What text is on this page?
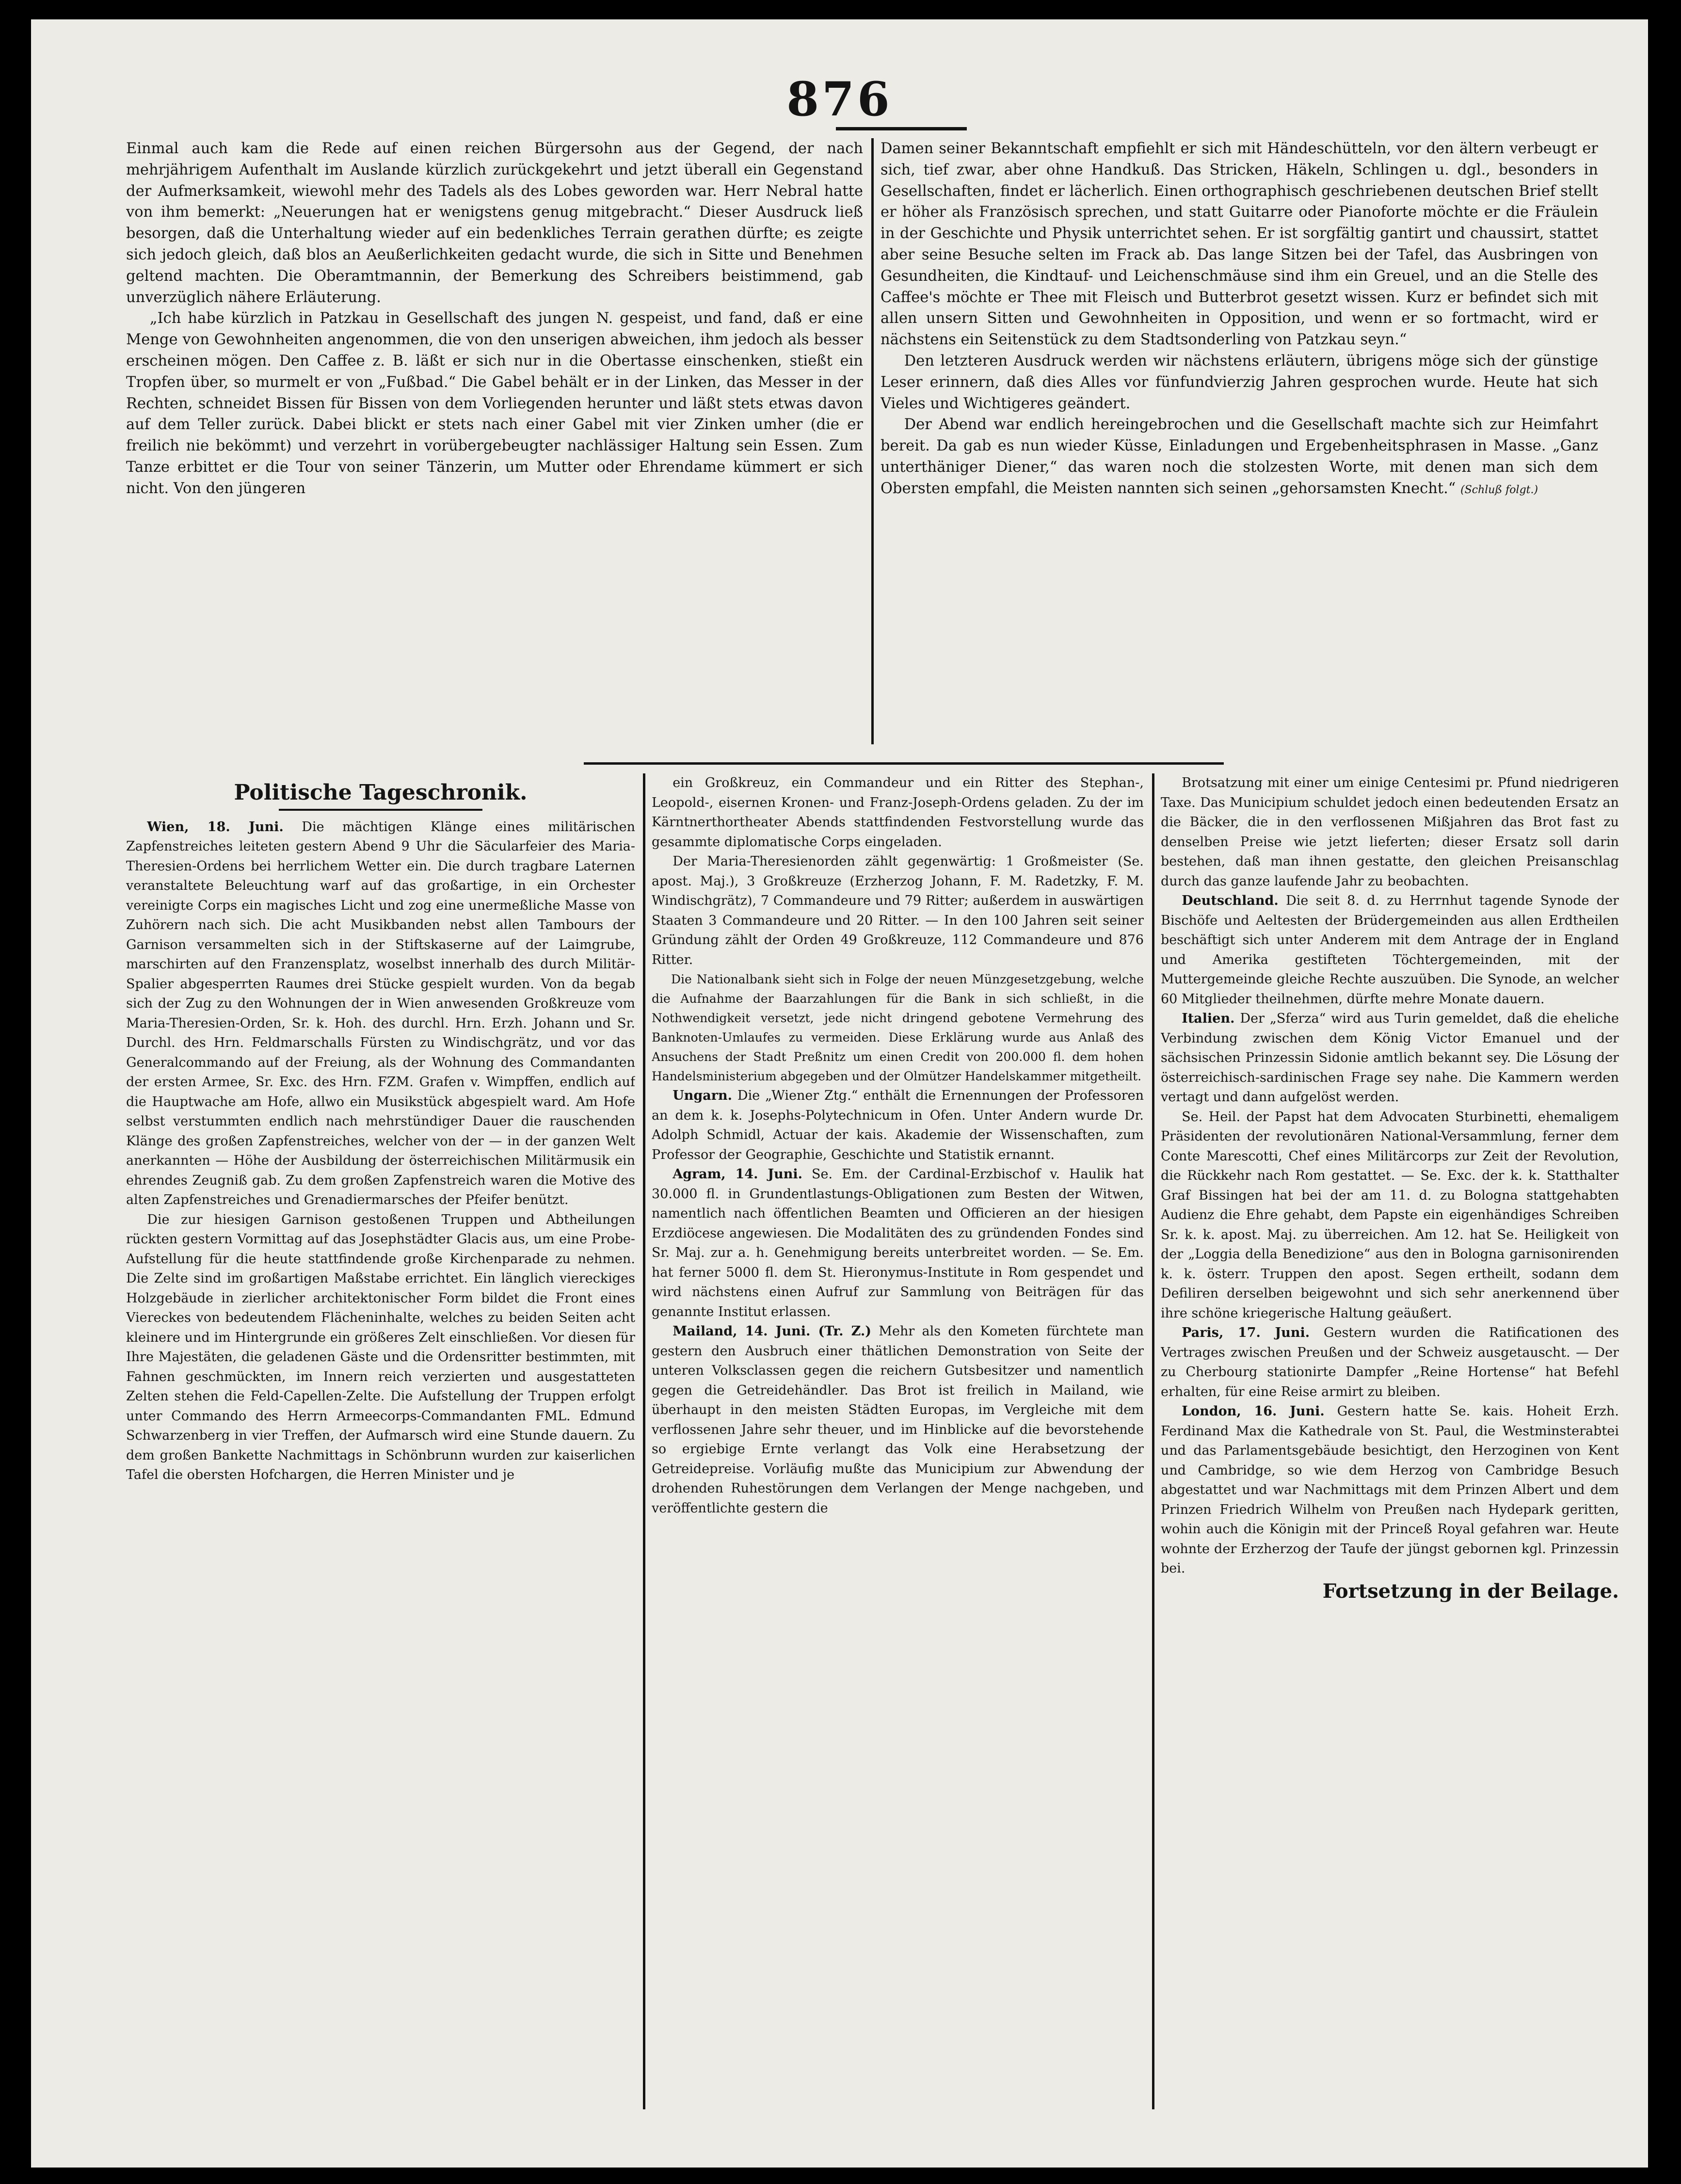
876

Einmal auch kam die Rede auf einen reichen Bürgersohn aus der Gegend, der nach mehrjährigem Aufenthalt im Auslande kürzlich zurückgekehrt und jetzt überall ein Gegenstand der Aufmerksamkeit, wiewohl mehr des Tadels als des Lobes geworden war. Herr Nebral hatte von ihm bemerkt: „Neuerungen hat er wenigstens genug mitgebracht.“ Dieser Ausdruck ließ besorgen, daß die Unterhaltung wieder auf ein bedenkliches Terrain gerathen dürfte; es zeigte sich jedoch gleich, daß blos an Aeußerlichkeiten gedacht wurde, die sich in Sitte und Benehmen geltend machten. Die Oberamtmannin, der Bemerkung des Schreibers beistimmend, gab unverzüglich nähere Erläuterung.

„Ich habe kürzlich in Patzkau in Gesellschaft des jungen N. gespeist, und fand, daß er eine Menge von Gewohnheiten angenommen, die von den unserigen abweichen, ihm jedoch als besser erscheinen mögen. Den Caffee z. B. läßt er sich nur in die Obertasse einschenken, stießt ein Tropfen über, so murmelt er von „Fußbad.“ Die Gabel behält er in der Linken, das Messer in der Rechten, schneidet Bissen für Bissen von dem Vorliegenden herunter und läßt stets etwas davon auf dem Teller zurück. Dabei blickt er stets nach einer Gabel mit vier Zinken umher (die er freilich nie bekömmt) und verzehrt in vorübergebeugter nachlässiger Haltung sein Essen. Zum Tanze erbittet er die Tour von seiner Tänzerin, um Mutter oder Ehrendame kümmert er sich nicht. Von den jüngeren

Damen seiner Bekanntschaft empfiehlt er sich mit Händeschütteln, vor den ältern verbeugt er sich, tief zwar, aber ohne Handkuß. Das Stricken, Häkeln, Schlingen u. dgl., besonders in Gesellschaften, findet er lächerlich. Einen orthographisch geschriebenen deutschen Brief stellt er höher als Französisch sprechen, und statt Guitarre oder Pianoforte möchte er die Fräulein in der Geschichte und Physik unterrichtet sehen. Er ist sorgfältig gantirt und chaussirt, stattet aber seine Besuche selten im Frack ab. Das lange Sitzen bei der Tafel, das Ausbringen von Gesundheiten, die Kindtauf- und Leichenschmäuse sind ihm ein Greuel, und an die Stelle des Caffee's möchte er Thee mit Fleisch und Butterbrot gesetzt wissen. Kurz er befindet sich mit allen unsern Sitten und Gewohnheiten in Opposition, und wenn er so fortmacht, wird er nächstens ein Seitenstück zu dem Stadtsonderling von Patzkau seyn.“

Den letzteren Ausdruck werden wir nächstens erläutern, übrigens möge sich der günstige Leser erinnern, daß dies Alles vor fünfundvierzig Jahren gesprochen wurde. Heute hat sich Vieles und Wichtigeres geändert.

Der Abend war endlich hereingebrochen und die Gesellschaft machte sich zur Heimfahrt bereit. Da gab es nun wieder Küsse, Einladungen und Ergebenheitsphrasen in Masse. „Ganz unterthäniger Diener,“ das waren noch die stolzesten Worte, mit denen man sich dem Obersten empfahl, die Meisten nannten sich seinen „gehorsamsten Knecht.“ (Schluß folgt.)

Politische Tageschronik.

Wien, 18. Juni. Die mächtigen Klänge eines militärischen Zapfenstreiches leiteten gestern Abend 9 Uhr die Säcularfeier des Maria-Theresien-Ordens bei herrlichem Wetter ein. Die durch tragbare Laternen veranstaltete Beleuchtung warf auf das großartige, in ein Orchester vereinigte Corps ein magisches Licht und zog eine unermeßliche Masse von Zuhörern nach sich. Die acht Musikbanden nebst allen Tambours der Garnison versammelten sich in der Stiftskaserne auf der Laimgrube, marschirten auf den Franzensplatz, woselbst innerhalb des durch Militär-Spalier abgesperrten Raumes drei Stücke gespielt wurden. Von da begab sich der Zug zu den Wohnungen der in Wien anwesenden Großkreuze vom Maria-Theresien-Orden, Sr. k. Hoh. des durchl. Hrn. Erzh. Johann und Sr. Durchl. des Hrn. Feldmarschalls Fürsten zu Windischgrätz, und vor das Generalcommando auf der Freiung, als der Wohnung des Commandanten der ersten Armee, Sr. Exc. des Hrn. FZM. Grafen v. Wimpffen, endlich auf die Hauptwache am Hofe, allwo ein Musikstück abgespielt ward. Am Hofe selbst verstummten endlich nach mehrstündiger Dauer die rauschenden Klänge des großen Zapfenstreiches, welcher von der — in der ganzen Welt anerkannten — Höhe der Ausbildung der österreichischen Militärmusik ein ehrendes Zeugniß gab. Zu dem großen Zapfenstreich waren die Motive des alten Zapfenstreiches und Grenadiermarsches der Pfeifer benützt.

Die zur hiesigen Garnison gestoßenen Truppen und Abtheilungen rückten gestern Vormittag auf das Josephstädter Glacis aus, um eine Probe-Aufstellung für die heute stattfindende große Kirchenparade zu nehmen. Die Zelte sind im großartigen Maßstabe errichtet. Ein länglich viereckiges Holzgebäude in zierlicher architektonischer Form bildet die Front eines Viereckes von bedeutendem Flächeninhalte, welches zu beiden Seiten acht kleinere und im Hintergrunde ein größeres Zelt einschließen. Vor diesen für Ihre Majestäten, die geladenen Gäste und die Ordensritter bestimmten, mit Fahnen geschmückten, im Innern reich verzierten und ausgestatteten Zelten stehen die Feld-Capellen-Zelte. Die Aufstellung der Truppen erfolgt unter Commando des Herrn Armeecorps-Commandanten FML. Edmund Schwarzenberg in vier Treffen, der Aufmarsch wird eine Stunde dauern. Zu dem großen Bankette Nachmittags in Schönbrunn wurden zur kaiserlichen Tafel die obersten Hofchargen, die Herren Minister und je

ein Großkreuz, ein Commandeur und ein Ritter des Stephan-, Leopold-, eisernen Kronen- und Franz-Joseph-Ordens geladen. Zu der im Kärntnerthortheater Abends stattfindenden Festvorstellung wurde das gesammte diplomatische Corps eingeladen.

Der Maria-Theresienorden zählt gegenwärtig: 1 Großmeister (Se. apost. Maj.), 3 Großkreuze (Erzherzog Johann, F. M. Radetzky, F. M. Windischgrätz), 7 Commandeure und 79 Ritter; außerdem in auswärtigen Staaten 3 Commandeure und 20 Ritter. — In den 100 Jahren seit seiner Gründung zählt der Orden 49 Großkreuze, 112 Commandeure und 876 Ritter.

Die Nationalbank sieht sich in Folge der neuen Münzgesetzgebung, welche die Aufnahme der Baarzahlungen für die Bank in sich schließt, in die Nothwendigkeit versetzt, jede nicht dringend gebotene Vermehrung des Banknoten-Umlaufes zu vermeiden. Diese Erklärung wurde aus Anlaß des Ansuchens der Stadt Preßnitz um einen Credit von 200.000 fl. dem hohen Handelsministerium abgegeben und der Olmützer Handelskammer mitgetheilt.

Ungarn. Die „Wiener Ztg.“ enthält die Ernennungen der Professoren an dem k. k. Josephs-Polytechnicum in Ofen. Unter Andern wurde Dr. Adolph Schmidl, Actuar der kais. Akademie der Wissenschaften, zum Professor der Geographie, Geschichte und Statistik ernannt.

Agram, 14. Juni. Se. Em. der Cardinal-Erzbischof v. Haulik hat 30.000 fl. in Grundentlastungs-Obligationen zum Besten der Witwen, namentlich nach öffentlichen Beamten und Officieren an der hiesigen Erzdiöcese angewiesen. Die Modalitäten des zu gründenden Fondes sind Sr. Maj. zur a. h. Genehmigung bereits unterbreitet worden. — Se. Em. hat ferner 5000 fl. dem St. Hieronymus-Institute in Rom gespendet und wird nächstens einen Aufruf zur Sammlung von Beiträgen für das genannte Institut erlassen.

Mailand, 14. Juni. (Tr. Z.) Mehr als den Kometen fürchtete man gestern den Ausbruch einer thätlichen Demonstration von Seite der unteren Volksclassen gegen die reichern Gutsbesitzer und namentlich gegen die Getreidehändler. Das Brot ist freilich in Mailand, wie überhaupt in den meisten Städten Europas, im Vergleiche mit dem verflossenen Jahre sehr theuer, und im Hinblicke auf die bevorstehende so ergiebige Ernte verlangt das Volk eine Herabsetzung der Getreidepreise. Vorläufig mußte das Municipium zur Abwendung der drohenden Ruhestörungen dem Verlangen der Menge nachgeben, und veröffentlichte gestern die

Brotsatzung mit einer um einige Centesimi pr. Pfund niedrigeren Taxe. Das Municipium schuldet jedoch einen bedeutenden Ersatz an die Bäcker, die in den verflossenen Mißjahren das Brot fast zu denselben Preise wie jetzt lieferten; dieser Ersatz soll darin bestehen, daß man ihnen gestatte, den gleichen Preisanschlag durch das ganze laufende Jahr zu beobachten.

Deutschland. Die seit 8. d. zu Herrnhut tagende Synode der Bischöfe und Aeltesten der Brüdergemeinden aus allen Erdtheilen beschäftigt sich unter Anderem mit dem Antrage der in England und Amerika gestifteten Töchtergemeinden, mit der Muttergemeinde gleiche Rechte auszuüben. Die Synode, an welcher 60 Mitglieder theilnehmen, dürfte mehre Monate dauern.

Italien. Der „Sferza“ wird aus Turin gemeldet, daß die eheliche Verbindung zwischen dem König Victor Emanuel und der sächsischen Prinzessin Sidonie amtlich bekannt sey. Die Lösung der österreichisch-sardinischen Frage sey nahe. Die Kammern werden vertagt und dann aufgelöst werden.

Se. Heil. der Papst hat dem Advocaten Sturbinetti, ehemaligem Präsidenten der revolutionären National-Versammlung, ferner dem Conte Marescotti, Chef eines Militärcorps zur Zeit der Revolution, die Rückkehr nach Rom gestattet. — Se. Exc. der k. k. Statthalter Graf Bissingen hat bei der am 11. d. zu Bologna stattgehabten Audienz die Ehre gehabt, dem Papste ein eigenhändiges Schreiben Sr. k. k. apost. Maj. zu überreichen. Am 12. hat Se. Heiligkeit von der „Loggia della Benedizione“ aus den in Bologna garnisonirenden k. k. österr. Truppen den apost. Segen ertheilt, sodann dem Defiliren derselben beigewohnt und sich sehr anerkennend über ihre schöne kriegerische Haltung geäußert.

Paris, 17. Juni. Gestern wurden die Ratificationen des Vertrages zwischen Preußen und der Schweiz ausgetauscht. — Der zu Cherbourg stationirte Dampfer „Reine Hortense“ hat Befehl erhalten, für eine Reise armirt zu bleiben.

London, 16. Juni. Gestern hatte Se. kais. Hoheit Erzh. Ferdinand Max die Kathedrale von St. Paul, die Westminsterabtei und das Parlamentsgebäude besichtigt, den Herzoginen von Kent und Cambridge, so wie dem Herzog von Cambridge Besuch abgestattet und war Nachmittags mit dem Prinzen Albert und dem Prinzen Friedrich Wilhelm von Preußen nach Hydepark geritten, wohin auch die Königin mit der Princeß Royal gefahren war. Heute wohnte der Erzherzog der Taufe der jüngst gebornen kgl. Prinzessin bei.

Fortsetzung in der Beilage.
